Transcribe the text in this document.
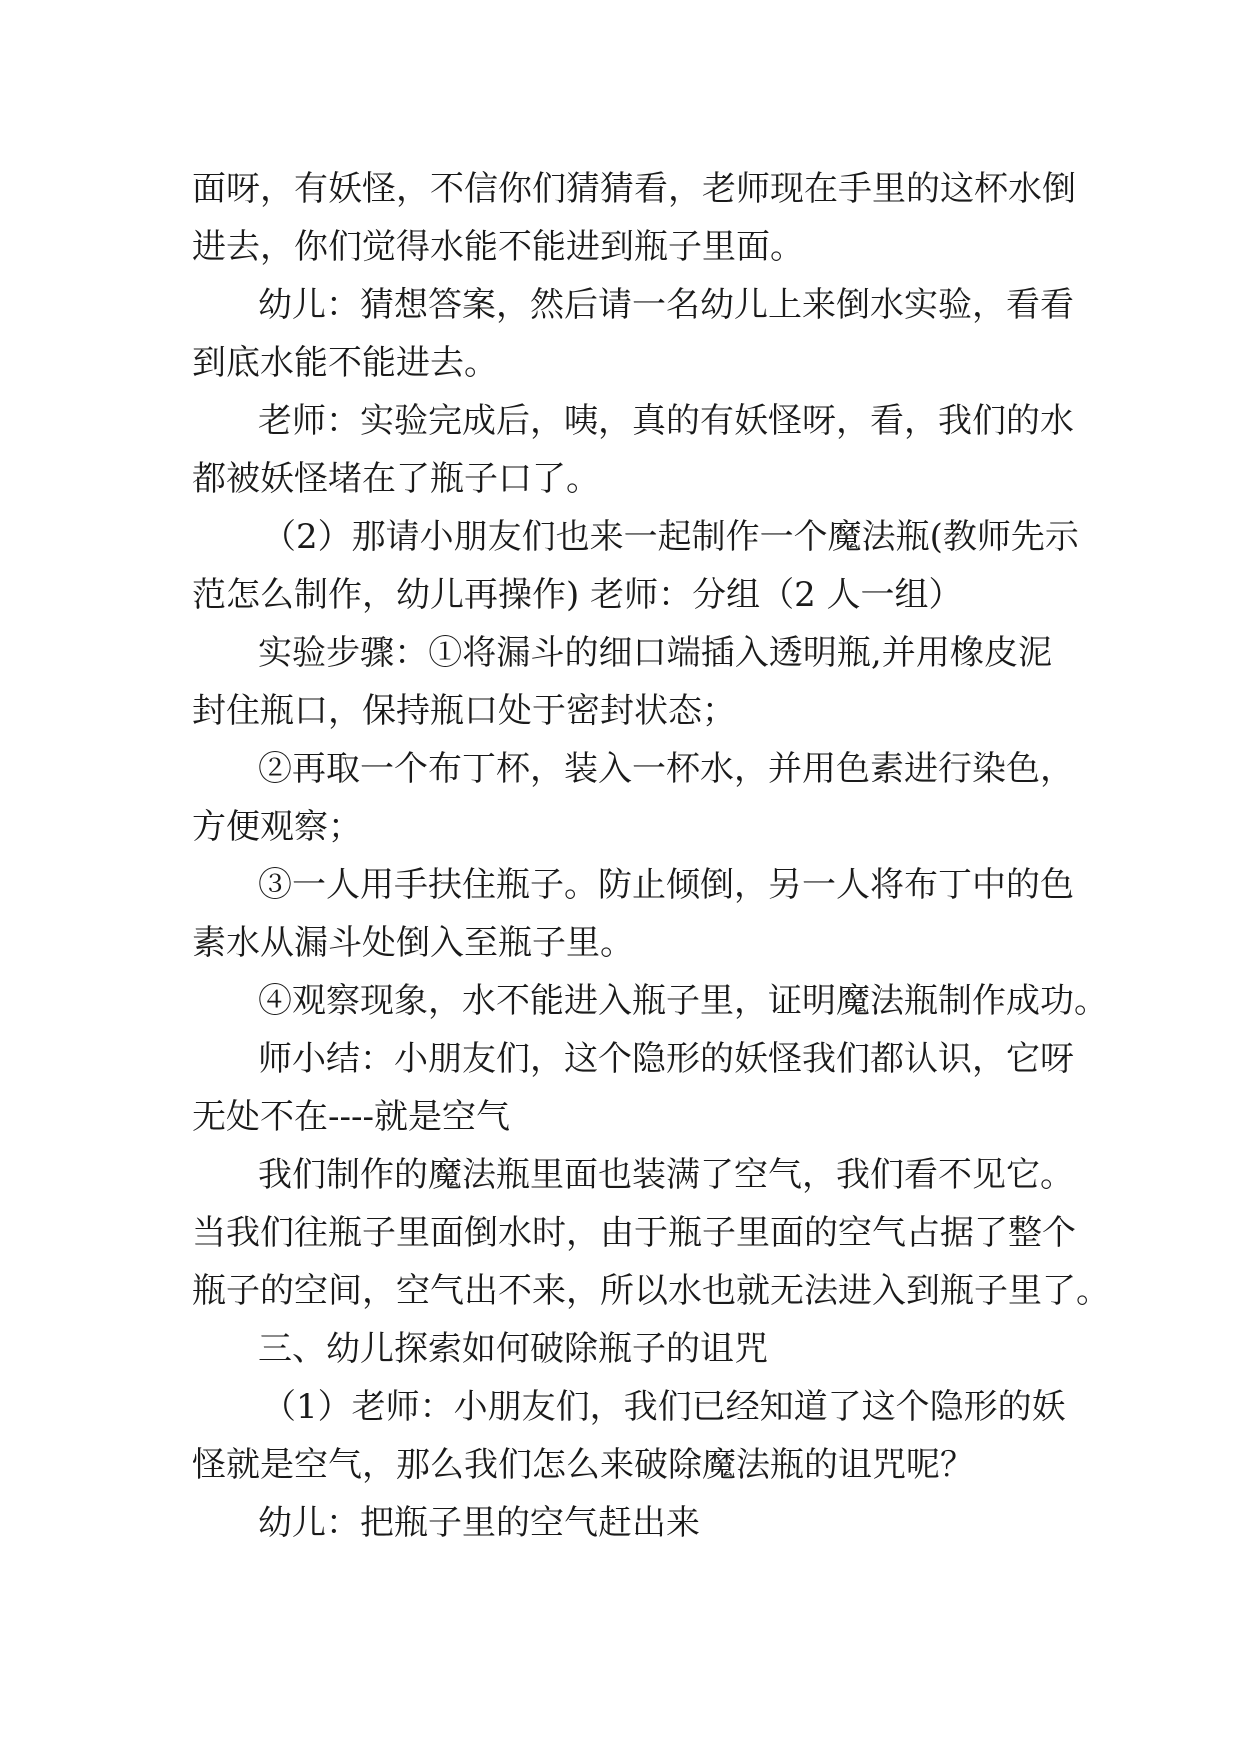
面呀，有妖怪，不信你们猜猜看，老师现在手里的这杯水倒
进去，你们觉得水能不能进到瓶子里面。
幼儿：猜想答案，然后请一名幼儿上来倒水实验，看看
到底水能不能进去。
老师：实验完成后，咦，真的有妖怪呀，看，我们的水
都被妖怪堵在了瓶子口了。
（2）那请小朋友们也来一起制作一个魔法瓶(教师先示
范怎么制作，幼儿再操作) 老师：分组（2 人一组）
实验步骤：①将漏斗的细口端插入透明瓶,并用橡皮泥
封住瓶口，保持瓶口处于密封状态；
②再取一个布丁杯，装入一杯水，并用色素进行染色，
方便观察；
③一人用手扶住瓶子。防止倾倒，另一人将布丁中的色
素水从漏斗处倒入至瓶子里。
④观察现象，水不能进入瓶子里，证明魔法瓶制作成功。
师小结：小朋友们，这个隐形的妖怪我们都认识，它呀
无处不在----就是空气
我们制作的魔法瓶里面也装满了空气，我们看不见它。
当我们往瓶子里面倒水时，由于瓶子里面的空气占据了整个
瓶子的空间，空气出不来，所以水也就无法进入到瓶子里了。
三、幼儿探索如何破除瓶子的诅咒
（1）老师：小朋友们，我们已经知道了这个隐形的妖
怪就是空气，那么我们怎么来破除魔法瓶的诅咒呢？
幼儿：把瓶子里的空气赶出来
